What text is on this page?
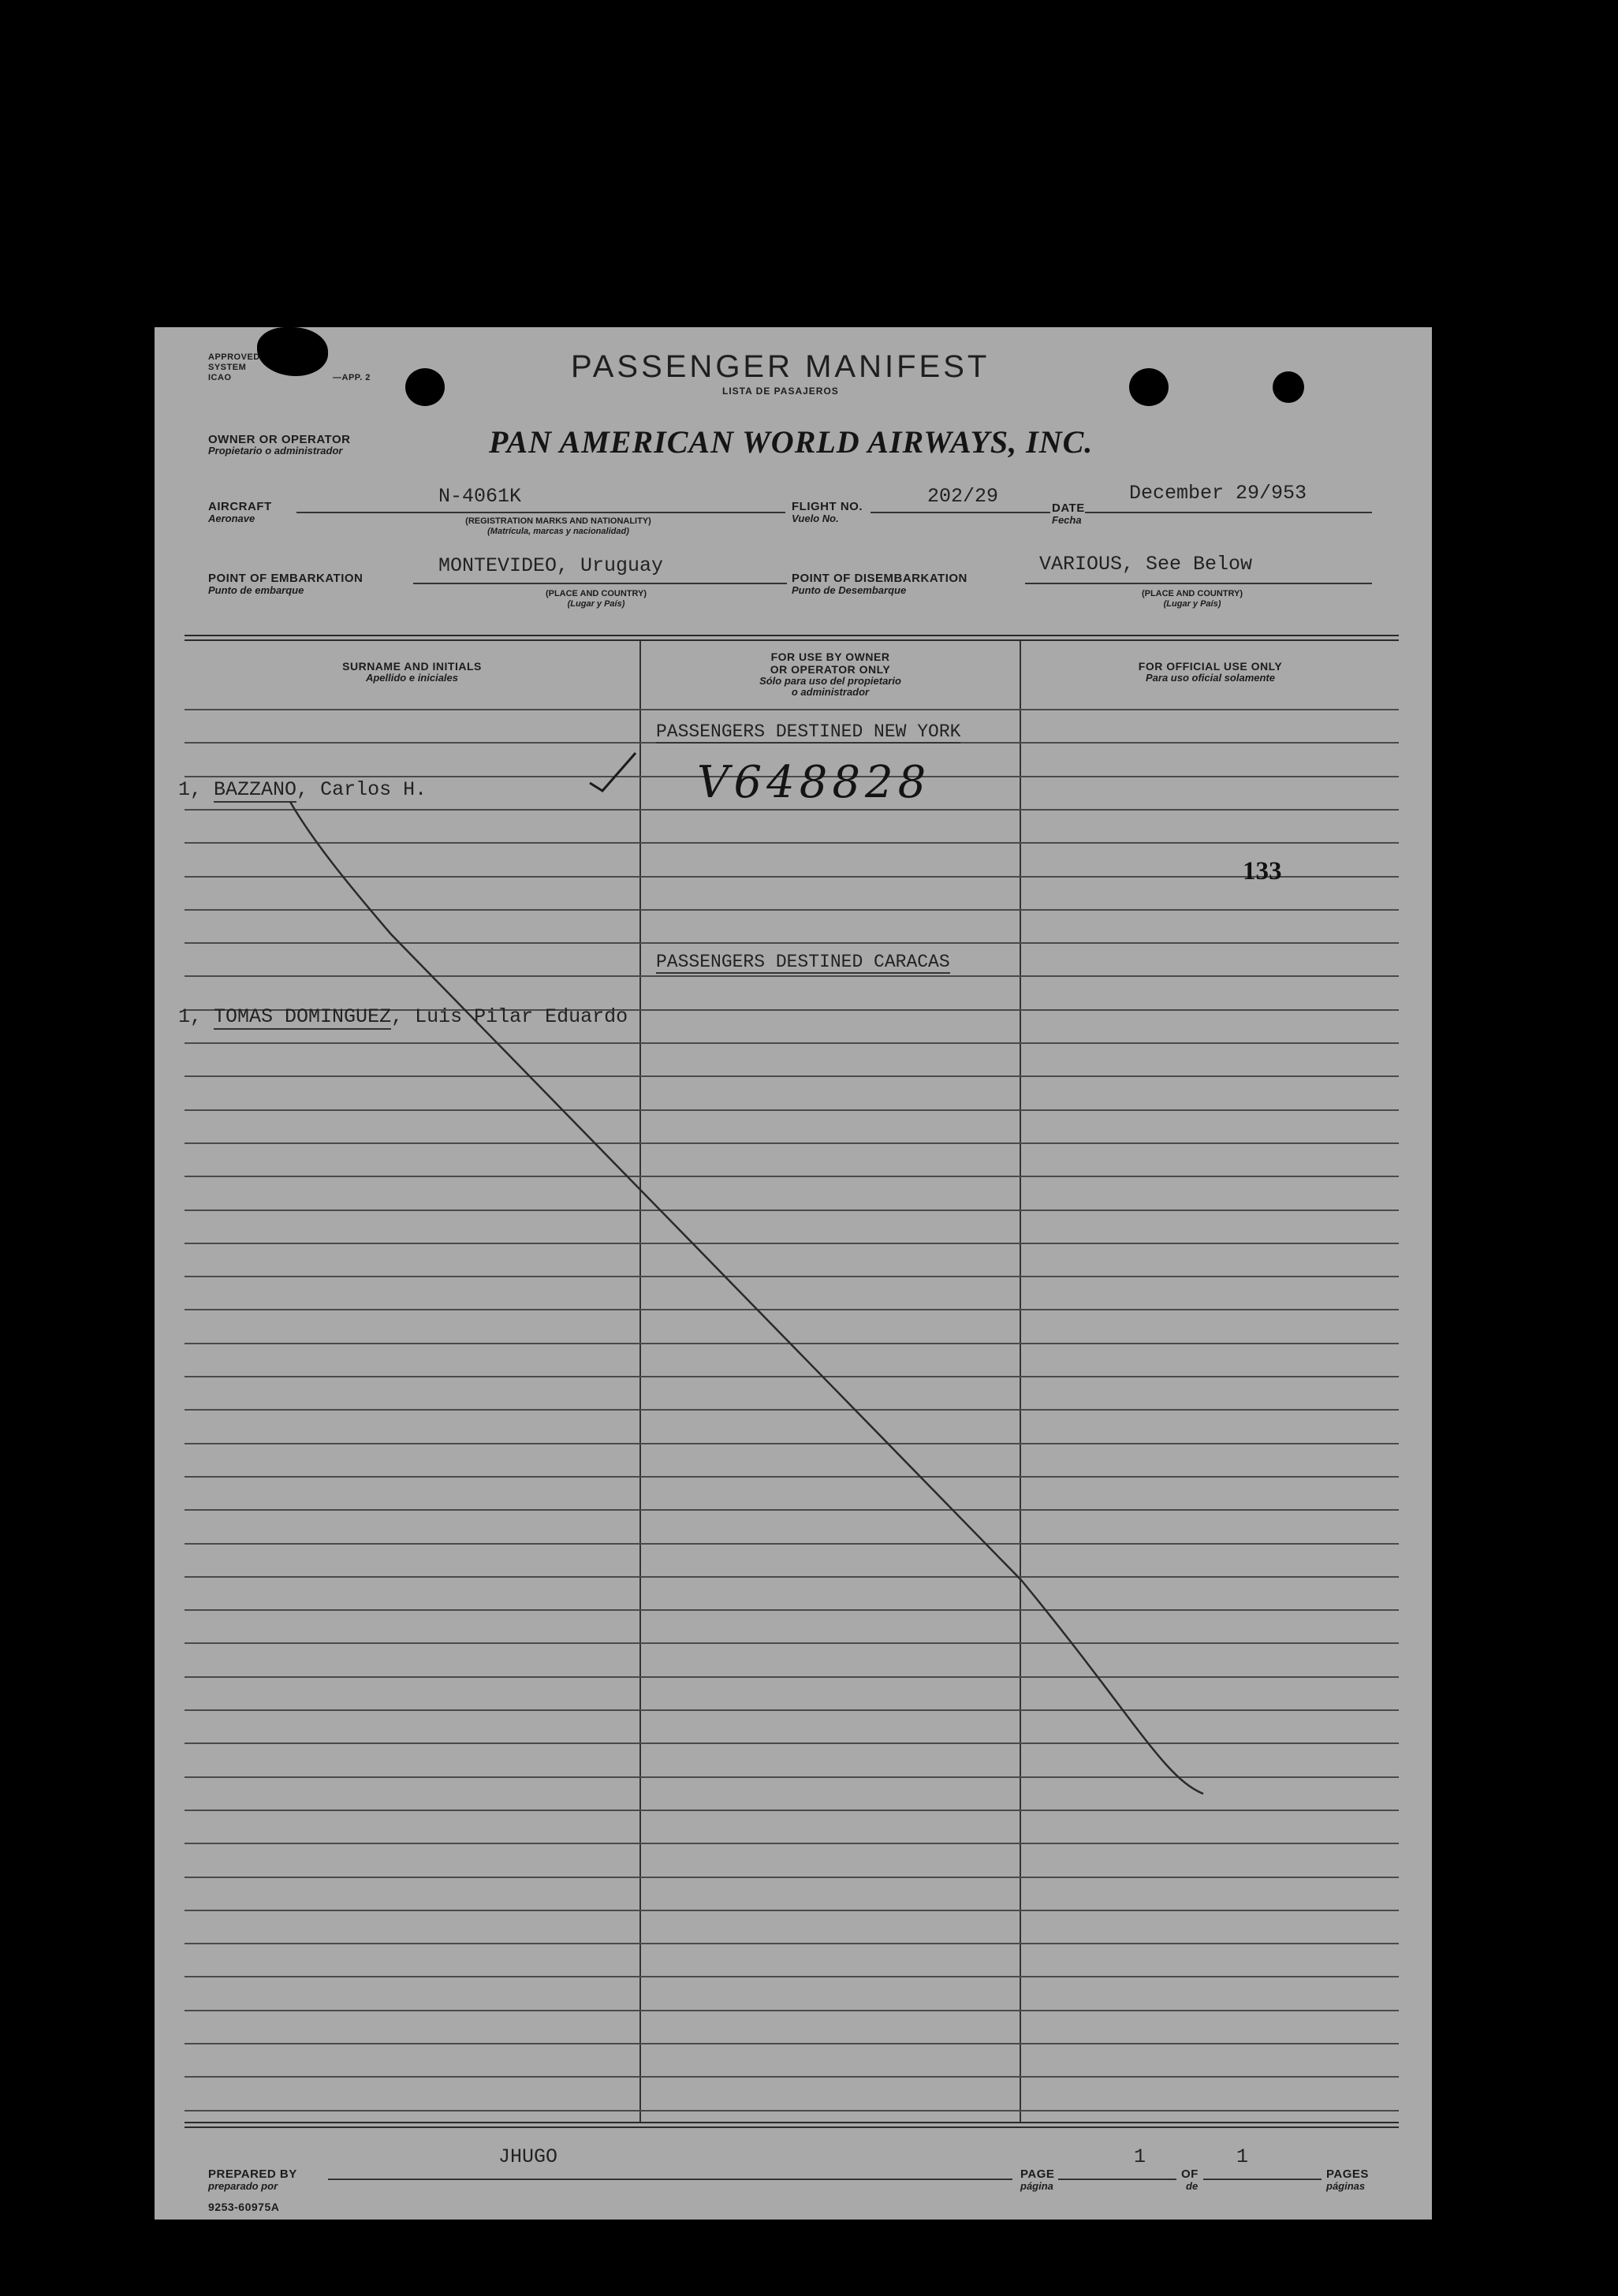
APPROVED
SYSTEM
ICAO	—APP. 2	PASSENGER MANIFEST
LISTA DE PASAJEROS
OWNER OR OPERATOR
Propietario o administrador	PAN AMERICAN WORLD AIRWAYS, INC.
AIRCRAFT
Aeronave
N-4061K
(REGISTRATION MARKS AND NATIONALITY)
(Matrícula, marcas y nacionalidad)
FLIGHT NO.
Vuelo No.
202/29
DATE
Fecha
December 29/953
POINT OF EMBARKATION
Punto de embarque
MONTEVIDEO, Uruguay
(PLACE AND COUNTRY)
(Lugar y País)
POINT OF DISEMBARKATION
Punto de Desembarque
VARIOUS, See Below
(PLACE AND COUNTRY)
(Lugar y País)
SURNAME AND INITIALS
Apellido e iniciales
FOR USE BY OWNER
OR OPERATOR ONLY
Sólo para uso del propietario
o administrador
FOR OFFICIAL USE ONLY
Para uso oficial solamente
PASSENGERS DESTINED NEW YORK
1, BAZZANO, Carlos H.	V648828
133
PASSENGERS DESTINED CARACAS
1, TOMAS DOMINGUEZ, Luis Pilar Eduardo
PREPARED BY
preparado por
JHUGO
PAGE
página
1
OF
de
1
PAGES
páginas
9253-60975A
